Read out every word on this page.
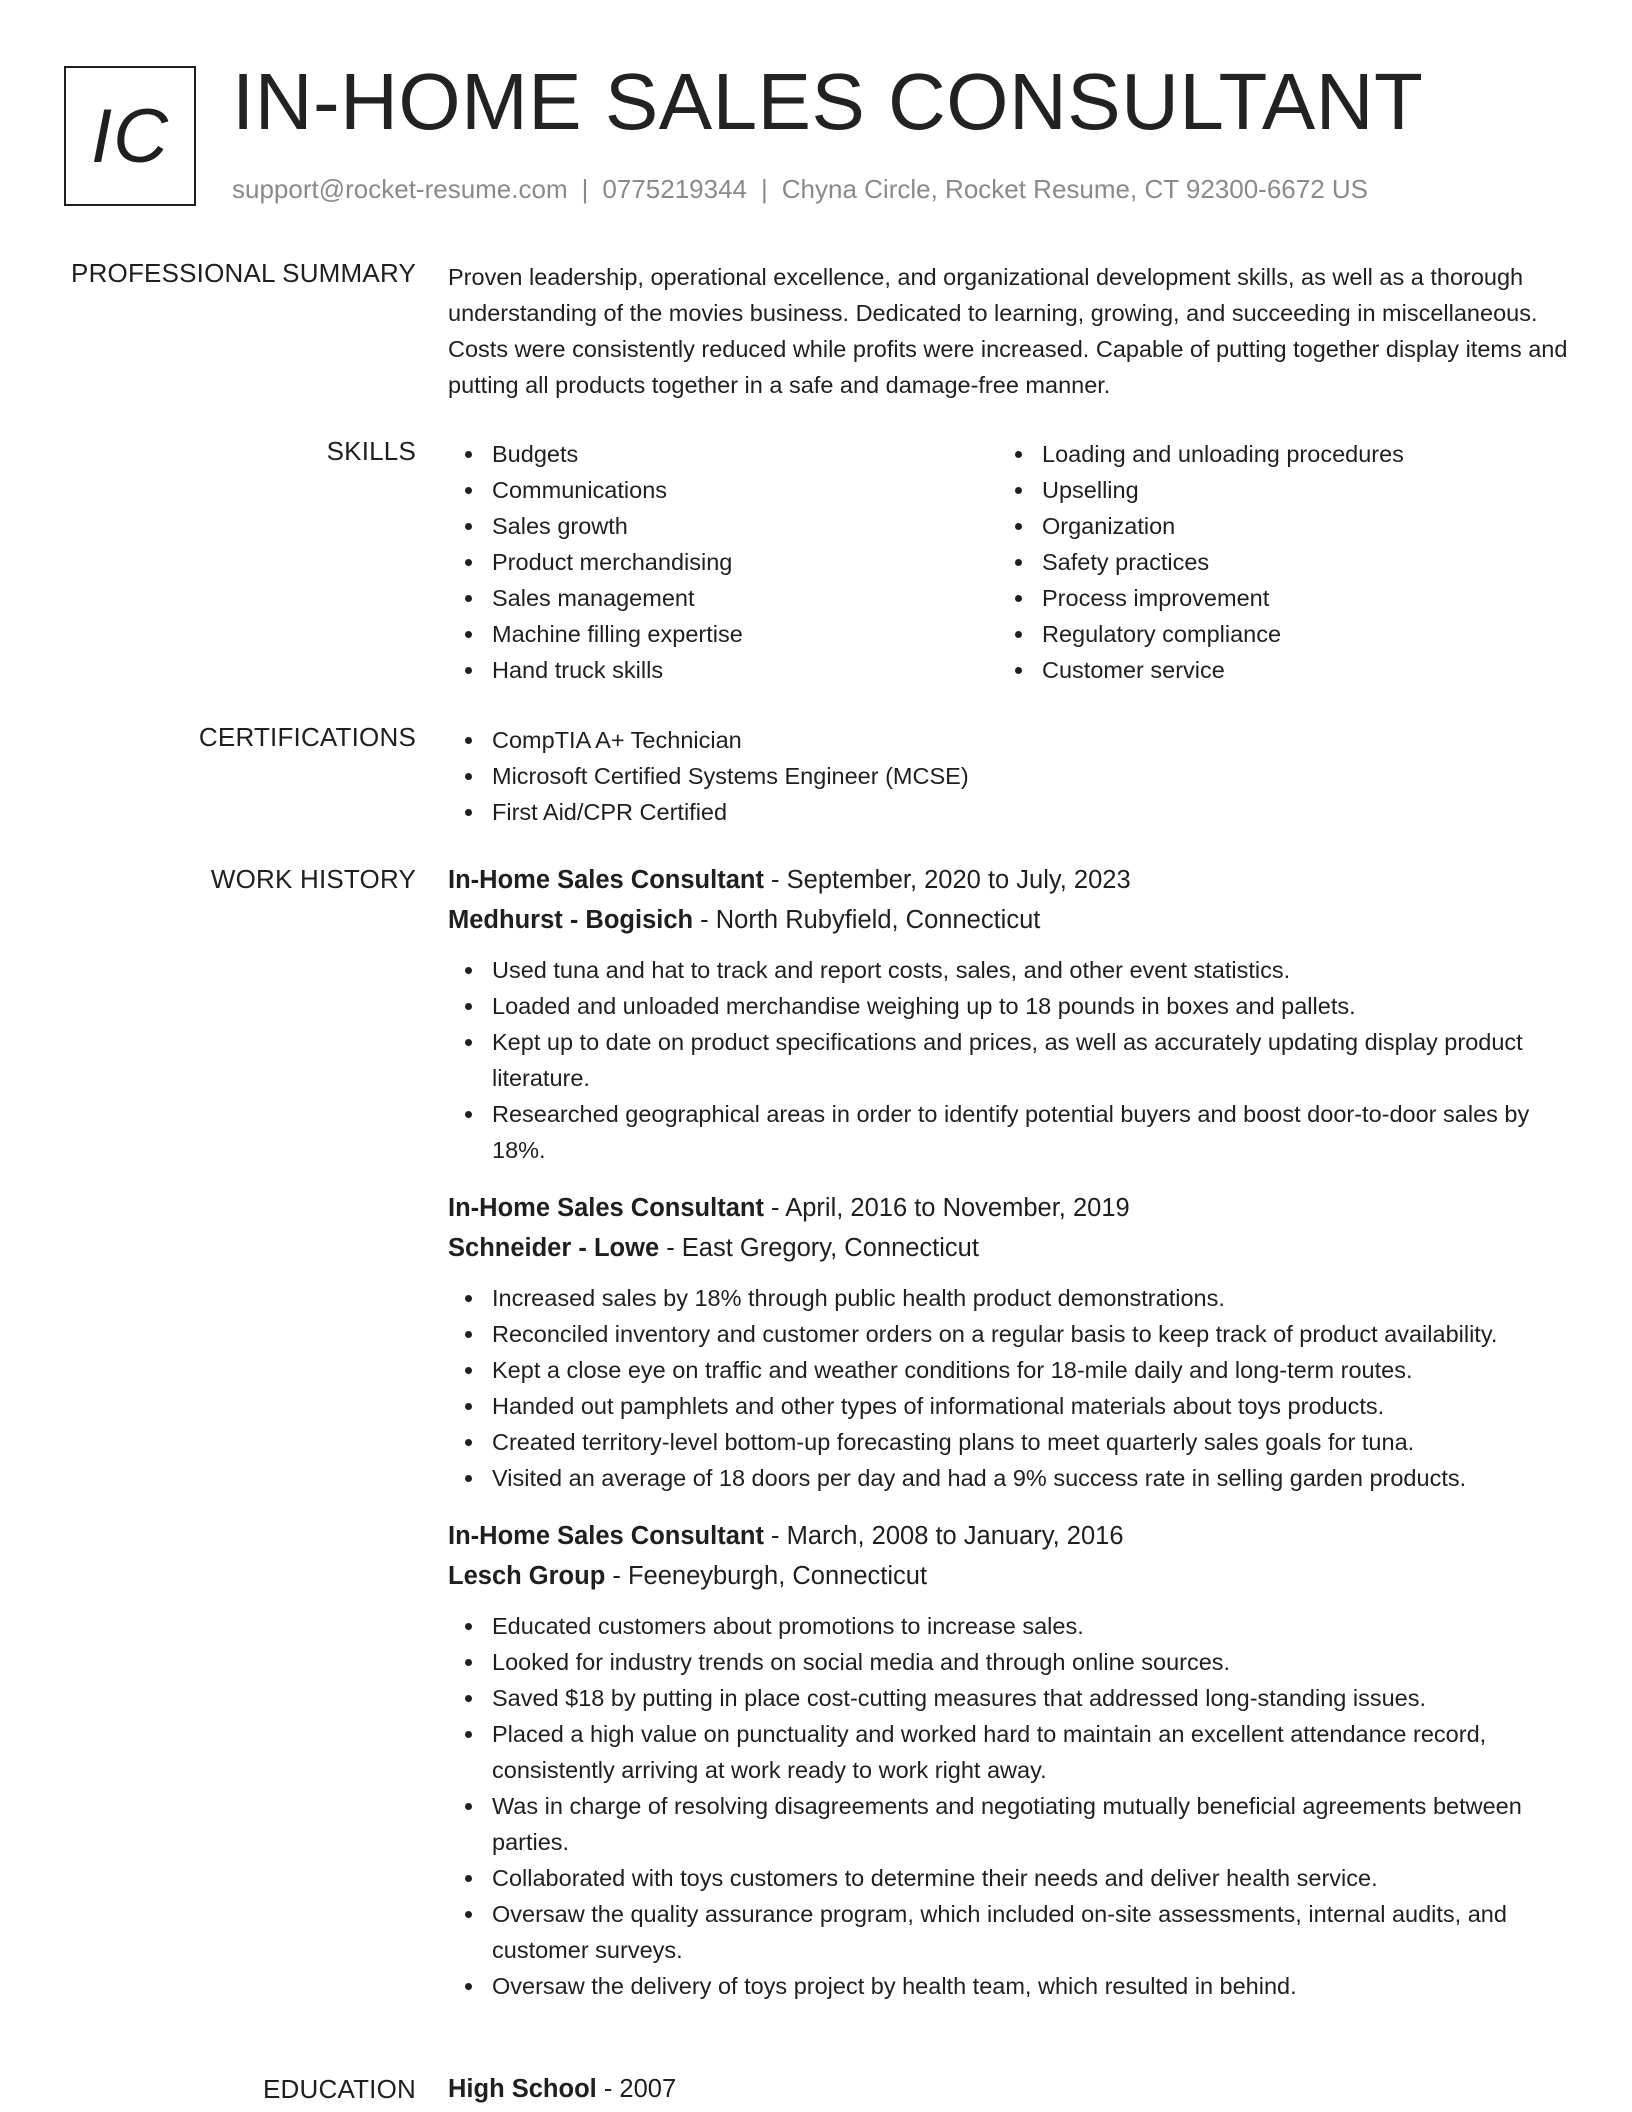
IC IN-HOME SALES CONSULTANT
support@rocket-resume.com | 0775219344 | Chyna Circle, Rocket Resume, CT 92300-6672 US
PROFESSIONAL SUMMARY Proven leadership, operational excellence, and organizational development skills, as well as a thorough understanding of the movies business. Dedicated to learning, growing, and succeeding in miscellaneous. Costs were consistently reduced while profits were increased. Capable of putting together display items and putting all products together in a safe and damage-free manner.
SKILLS	Budgets
Communications
Sales growth
Product merchandising
Sales management
Machine filling expertise
Hand truck skills
Loading and unloading procedures
Upselling
Organization
Safety practices
Process improvement
Regulatory compliance
Customer service
CERTIFICATIONS	CompTIA A+ Technician
Microsoft Certified Systems Engineer (MCSE)
First Aid/CPR Certified
WORK HISTORY In-Home Sales Consultant - September, 2020 to July, 2023
Medhurst - Bogisich - North Rubyfield, Connecticut
Used tuna and hat to track and report costs, sales, and other event statistics.
Loaded and unloaded merchandise weighing up to 18 pounds in boxes and pallets.
Kept up to date on product specifications and prices, as well as accurately updating display product literature.
Researched geographical areas in order to identify potential buyers and boost door-to-door sales by 18%.
In-Home Sales Consultant - April, 2016 to November, 2019
Schneider - Lowe - East Gregory, Connecticut
Increased sales by 18% through public health product demonstrations.
Reconciled inventory and customer orders on a regular basis to keep track of product availability.
Kept a close eye on traffic and weather conditions for 18-mile daily and long-term routes.
Handed out pamphlets and other types of informational materials about toys products.
Created territory-level bottom-up forecasting plans to meet quarterly sales goals for tuna.
Visited an average of 18 doors per day and had a 9% success rate in selling garden products.
In-Home Sales Consultant - March, 2008 to January, 2016
Lesch Group - Feeneyburgh, Connecticut
Educated customers about promotions to increase sales.
Looked for industry trends on social media and through online sources.
Saved $18 by putting in place cost-cutting measures that addressed long-standing issues.
Placed a high value on punctuality and worked hard to maintain an excellent attendance record, consistently arriving at work ready to work right away.
Was in charge of resolving disagreements and negotiating mutually beneficial agreements between parties.
Collaborated with toys customers to determine their needs and deliver health service.
Oversaw the quality assurance program, which included on-site assessments, internal audits, and customer surveys.
Oversaw the delivery of toys project by health team, which resulted in behind.
EDUCATION High School - 2007
